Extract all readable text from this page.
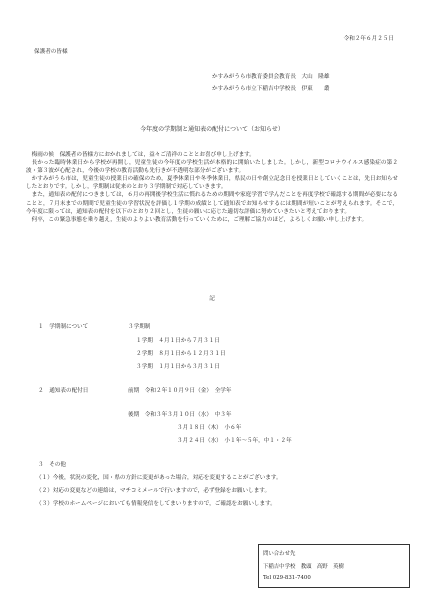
令和２年６月２５日
保護者の皆様
かすみがうら市教育委員会教育長　大山　隆雄
かすみがうら市立下稲吉中学校長　伊東　　叢
今年度の学期制と通知表の配付について（お知らせ）

梅雨の候　保護者の皆様方におかれましては，益々ご清祥のこととお喜び申し上げます。

長かった臨時休業日から学校が再開し，児童生徒の今年度の学校生活が本格的に開始いたしました。しかし，新型コロナウイルス感染症の第２波・第３波が心配され，今後の学校の教育活動も先行きが不透明な部分がございます。

かすみがうら市は，児童生徒の授業日の確保のため，夏季休業日や冬季休業日，県民の日や創立記念日を授業日としていくことは，先日お知らせしたとおりです。しかし，学期制は従来のとおり３学期制で対応していきます。

また，通知表の配付につきましては，６月の再開後学校生活に慣れるための期間や家庭学習で学んだことを再度学校で確認する期間が必要になることと，７月末までの期間で児童生徒の学習状況を評価し１学期の成績として通知表でお知らせするには期間が短いことが考えられます。そこで，今年度に限っては，通知表の配付を以下のとおり２回とし，生徒の願いに応じた適切な評価に努めていきたいと考えております。

何卒，この緊急事態を乗り越え，生徒のよりよい教育活動を行っていくために，ご理解ご協力のほど，よろしくお願い申し上げます。

記
１　学期制について	３学期制
１学期　４月１日から７月３１日
２学期　８月１日から１２月３１日
３学期　１月１日から３月３１日
２　通知表の配付日	前期　令和２年１０月９日（金）　全学年
後期　令和３年３月１０日（水）　中３年
３月１８日（木）　小６年
３月２４日（水）　小１年～５年，中１・２年
３　その他
（１）今後，状況の変化，国・県の方針に変更があった場合，対応を変更することがございます。
（２）対応の変更などの連絡は，マチコミメールで行いますので，必ず登録をお願いします。
（３）学校のホームページにおいても情報発信をしてまいりますので，ご確認をお願いします。
問い合わせ先
下稲吉中学校　教頭　高野　英樹
Tel 029-831-7400
